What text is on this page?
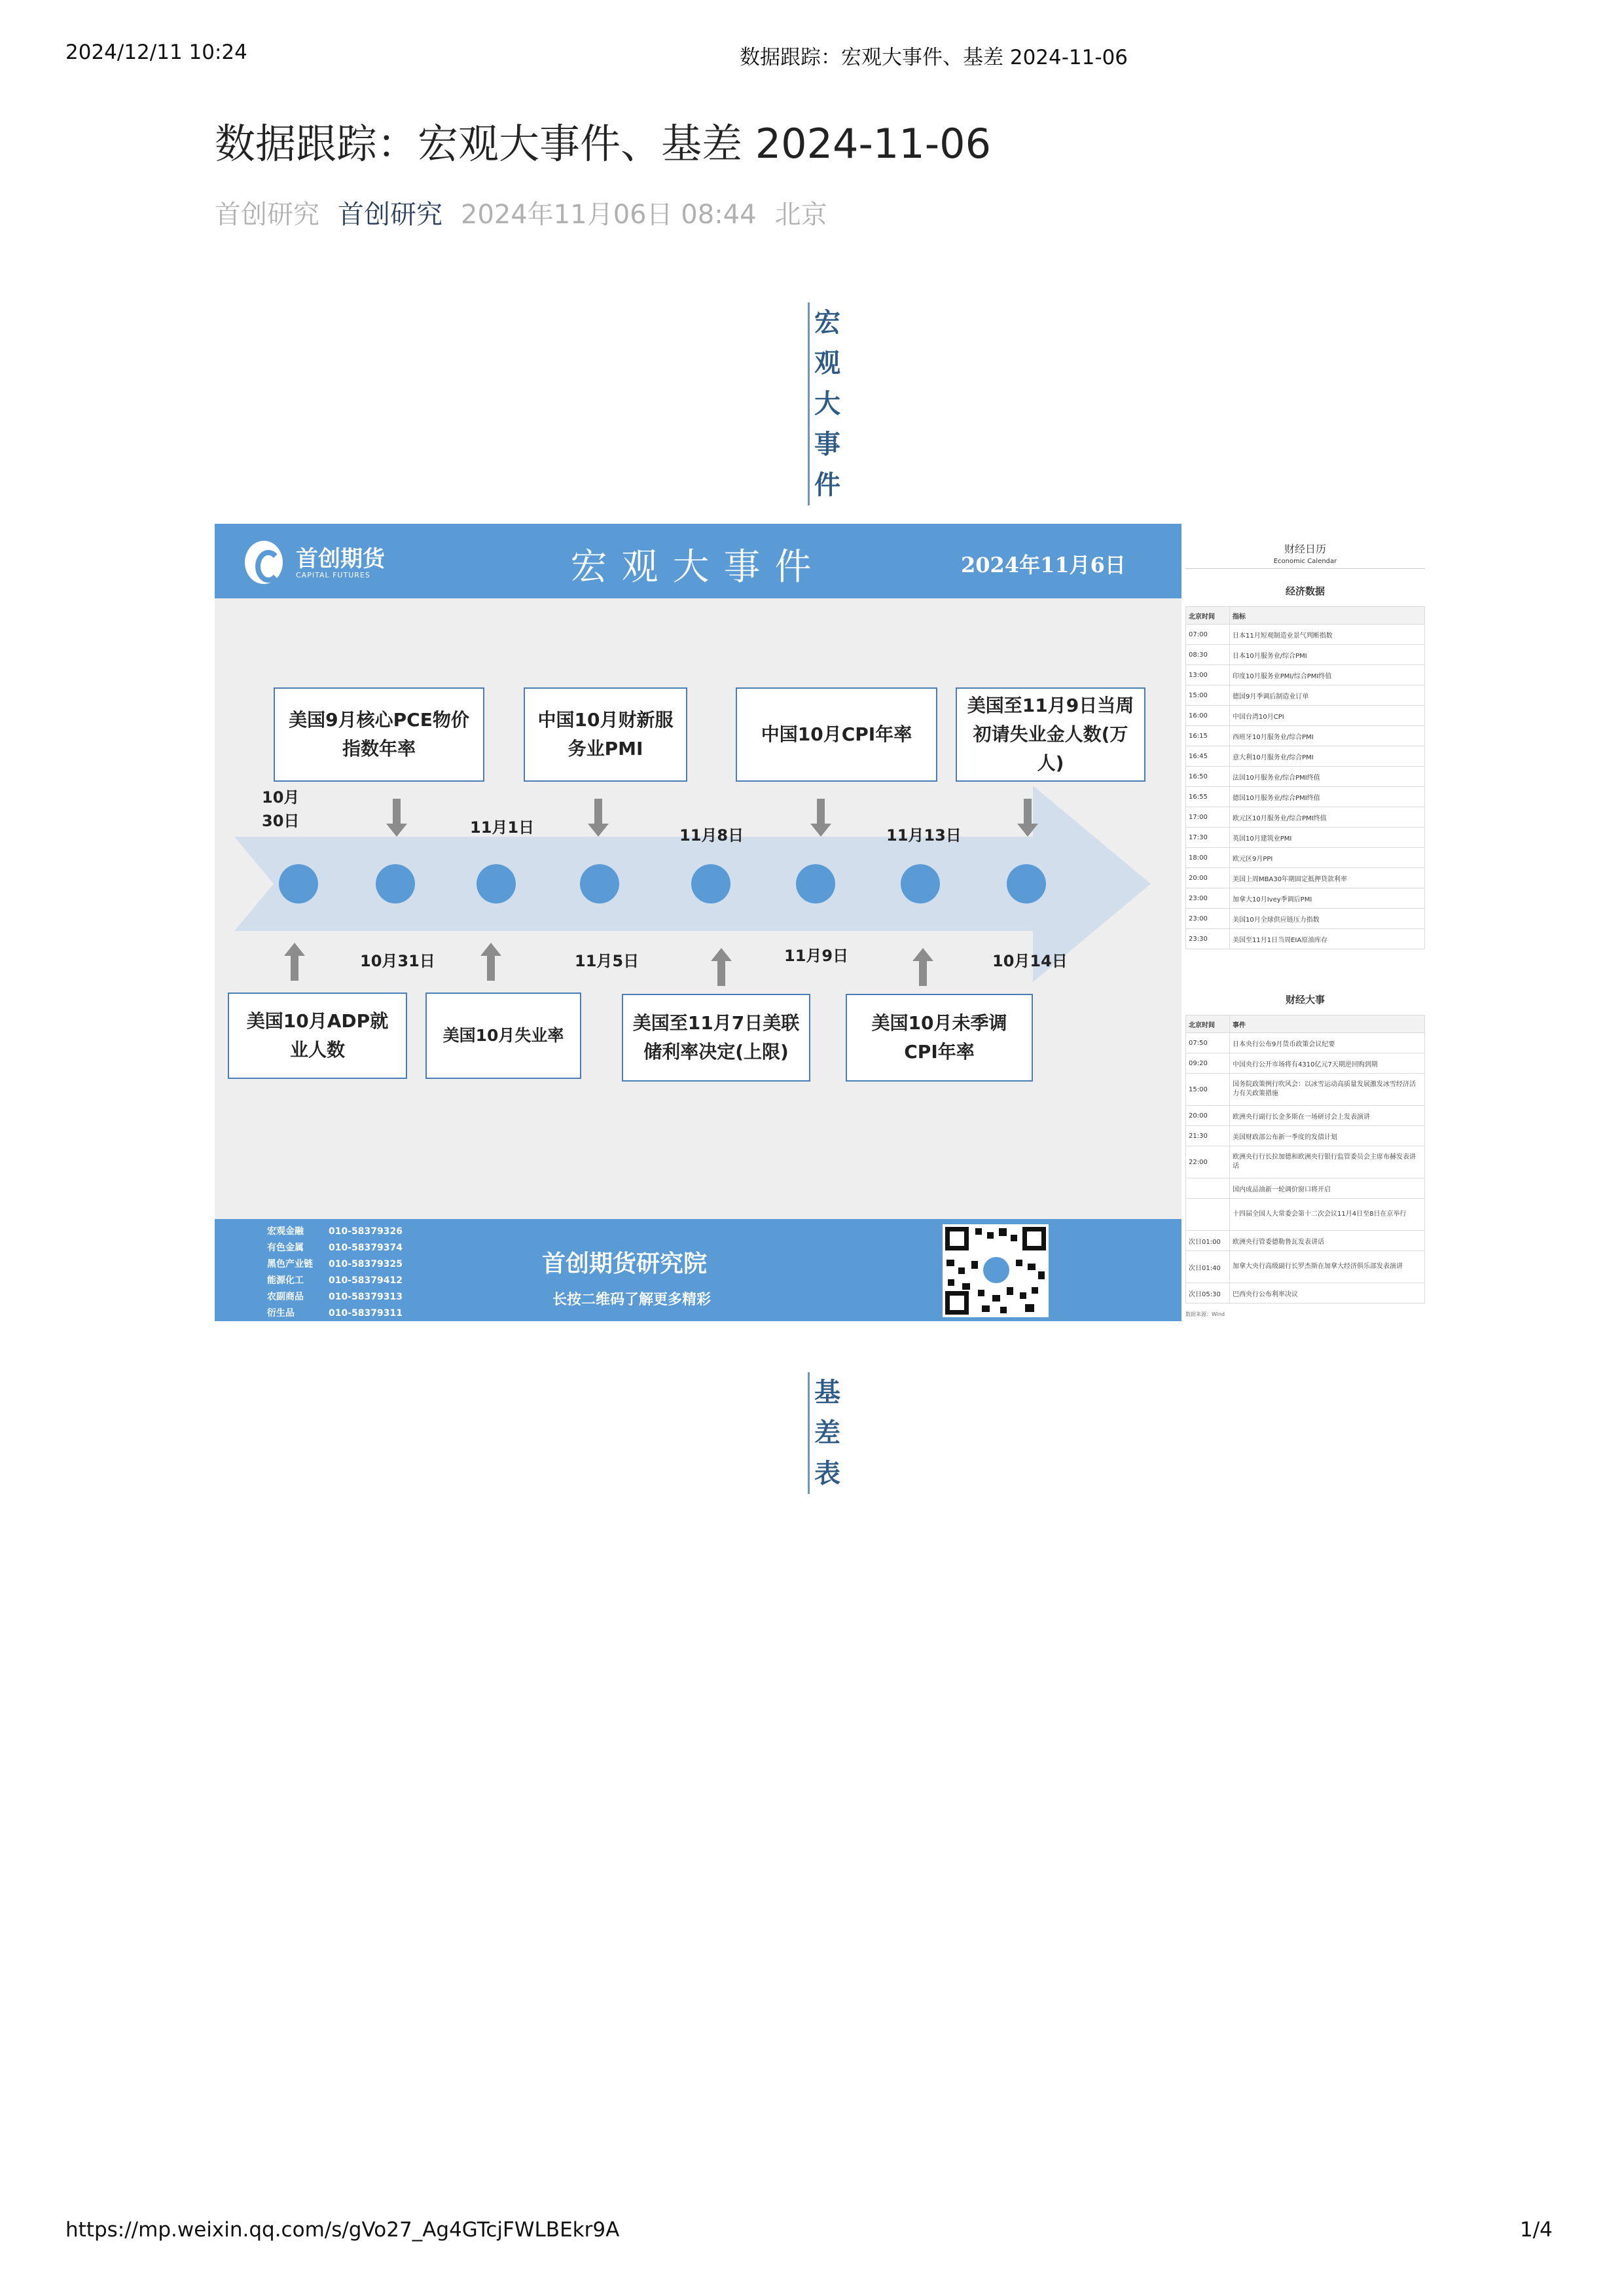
2024/12/11 10:24	数据跟踪：宏观大事件、基差 2024-11-06
数据跟踪：宏观大事件、基差 2024-11-06
首创研究 首创研究 2024年11月06日 08:44 北京
宏
观
大
事
件
首创期货
CAPITAL FUTURES	宏观大事件	2024年11月6日
美国9月核心PCE物价指数年率
中国10月财新服务业PMI
中国10月CPI年率
美国至11月9日当周初请失业金人数(万人)
10月30日	11月1日	11月8日	11月13日
10月31日	11月5日	11月9日	10月14日
美国10月ADP就业人数
美国10月失业率
美国至11月7日美联储利率决定(上限)
美国10月未季调CPI年率
宏观金融	010-58379326
有色金属	010-58379374
黑色产业链 010-58379325
能源化工	010-58379412
农副商品	010-58379313
衍生品	010-58379311
首创期货研究院
长按二维码了解更多精彩
财经日历
Economic Calendar
经济数据
北京时间	指标
07:00	日本11月短观制造业景气判断指数
08:30	日本10月服务业/综合PMI
13:00	印度10月服务业PMI/综合PMI终值
15:00	德国9月季调后制造业订单
16:00	中国台湾10月CPI
16:15	西班牙10月服务业/综合PMI
16:45	意大利10月服务业/综合PMI
16:50	法国10月服务业/综合PMI终值
16:55	德国10月服务业/综合PMI终值
17:00	欧元区10月服务业/综合PMI终值
17:30	英国10月建筑业PMI
18:00	欧元区9月PPI
20:00	美国上周MBA30年期固定抵押贷款利率
23:00	加拿大10月Ivey季调后PMI
23:00	美国10月全球供应链压力指数
23:30	美国至11月1日当周EIA原油库存
财经大事
北京时间	事件
07:50	日本央行公布9月货币政策会议纪要
09:20	中国央行公开市场将有4310亿元7天期逆回购到期
15:00	国务院政策例行吹风会：以冰雪运动高质量发展激发冰雪经济活力有关政策措施
20:00	欧洲央行副行长金多斯在一场研讨会上发表演讲
21:30	美国财政部公布新一季度的发债计划
22:00	欧洲央行行长拉加德和欧洲央行银行监管委员会主席布赫发表讲话
	国内成品油新一轮调价窗口将开启
	十四届全国人大常委会第十二次会议11月4日至8日在京举行
次日01:00	欧洲央行管委德勒鲁瓦发表讲话
次日01:40	加拿大央行高级副行长罗杰斯在加拿大经济俱乐部发表演讲
次日05:30	巴西央行公布利率决议
数据来源：Wind
基
差
表
https://mp.weixin.qq.com/s/gVo27_Ag4GTcjFWLBEkr9A	1/4
